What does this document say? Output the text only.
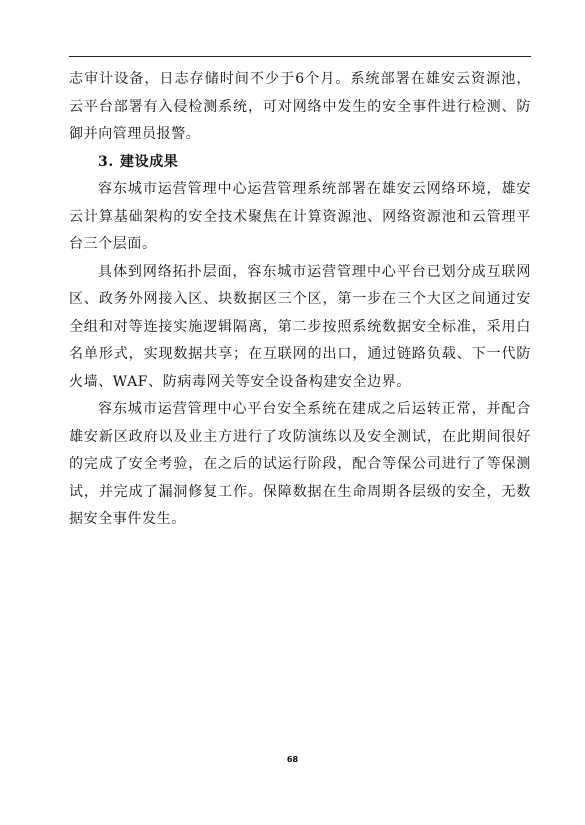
志审计设备，日志存储时间不少于6个月。系统部署在雄安云资源池，云平台部署有入侵检测系统，可对网络中发生的安全事件进行检测、防御并向管理员报警。

3. 建设成果

容东城市运营管理中心运营管理系统部署在雄安云网络环境，雄安云计算基础架构的安全技术聚焦在计算资源池、网络资源池和云管理平台三个层面。

具体到网络拓扑层面，容东城市运营管理中心平台已划分成互联网区、政务外网接入区、块数据区三个区，第一步在三个大区之间通过安全组和对等连接实施逻辑隔离，第二步按照系统数据安全标准，采用白名单形式，实现数据共享；在互联网的出口，通过链路负载、下一代防火墙、WAF、防病毒网关等安全设备构建安全边界。

容东城市运营管理中心平台安全系统在建成之后运转正常，并配合雄安新区政府以及业主方进行了攻防演练以及安全测试，在此期间很好的完成了安全考验，在之后的试运行阶段，配合等保公司进行了等保测试，并完成了漏洞修复工作。保障数据在生命周期各层级的安全，无数据安全事件发生。

68
